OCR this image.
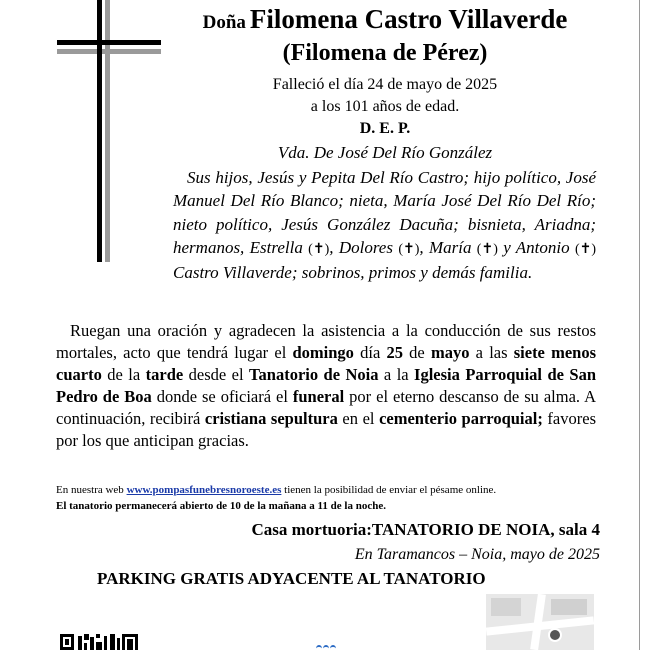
Doña Filomena Castro Villaverde
(Filomena de Pérez)
Falleció el día 24 de mayo de 2025
a los 101 años de edad.
D. E. P.
Vda. De José Del Río González
Sus hijos, Jesús y Pepita Del Río Castro; hijo político, José Manuel Del Río Blanco; nieta, María José Del Río Del Río; nieto político, Jesús González Dacuña; bisnieta, Ariadna; hermanos, Estrella (✝), Dolores (✝), María (✝) y Antonio (✝) Castro Villaverde; sobrinos, primos y demás familia.
Ruegan una oración y agradecen la asistencia a la conducción de sus restos mortales, acto que tendrá lugar el domingo día 25 de mayo a las siete menos cuarto de la tarde desde el Tanatorio de Noia a la Iglesia Parroquial de San Pedro de Boa donde se oficiará el funeral por el eterno descanso de su alma. A continuación, recibirá cristiana sepultura en el cementerio parroquial; favores por los que anticipan gracias.
En nuestra web www.pompasfunebresnoroeste.es tienen la posibilidad de enviar el pésame online.
El tanatorio permanecerá abierto de 10 de la mañana a 11 de la noche.
Casa mortuoria:TANATORIO DE NOIA, sala 4
En Taramancos – Noia, mayo de 2025
PARKING GRATIS ADYACENTE AL TANATORIO
